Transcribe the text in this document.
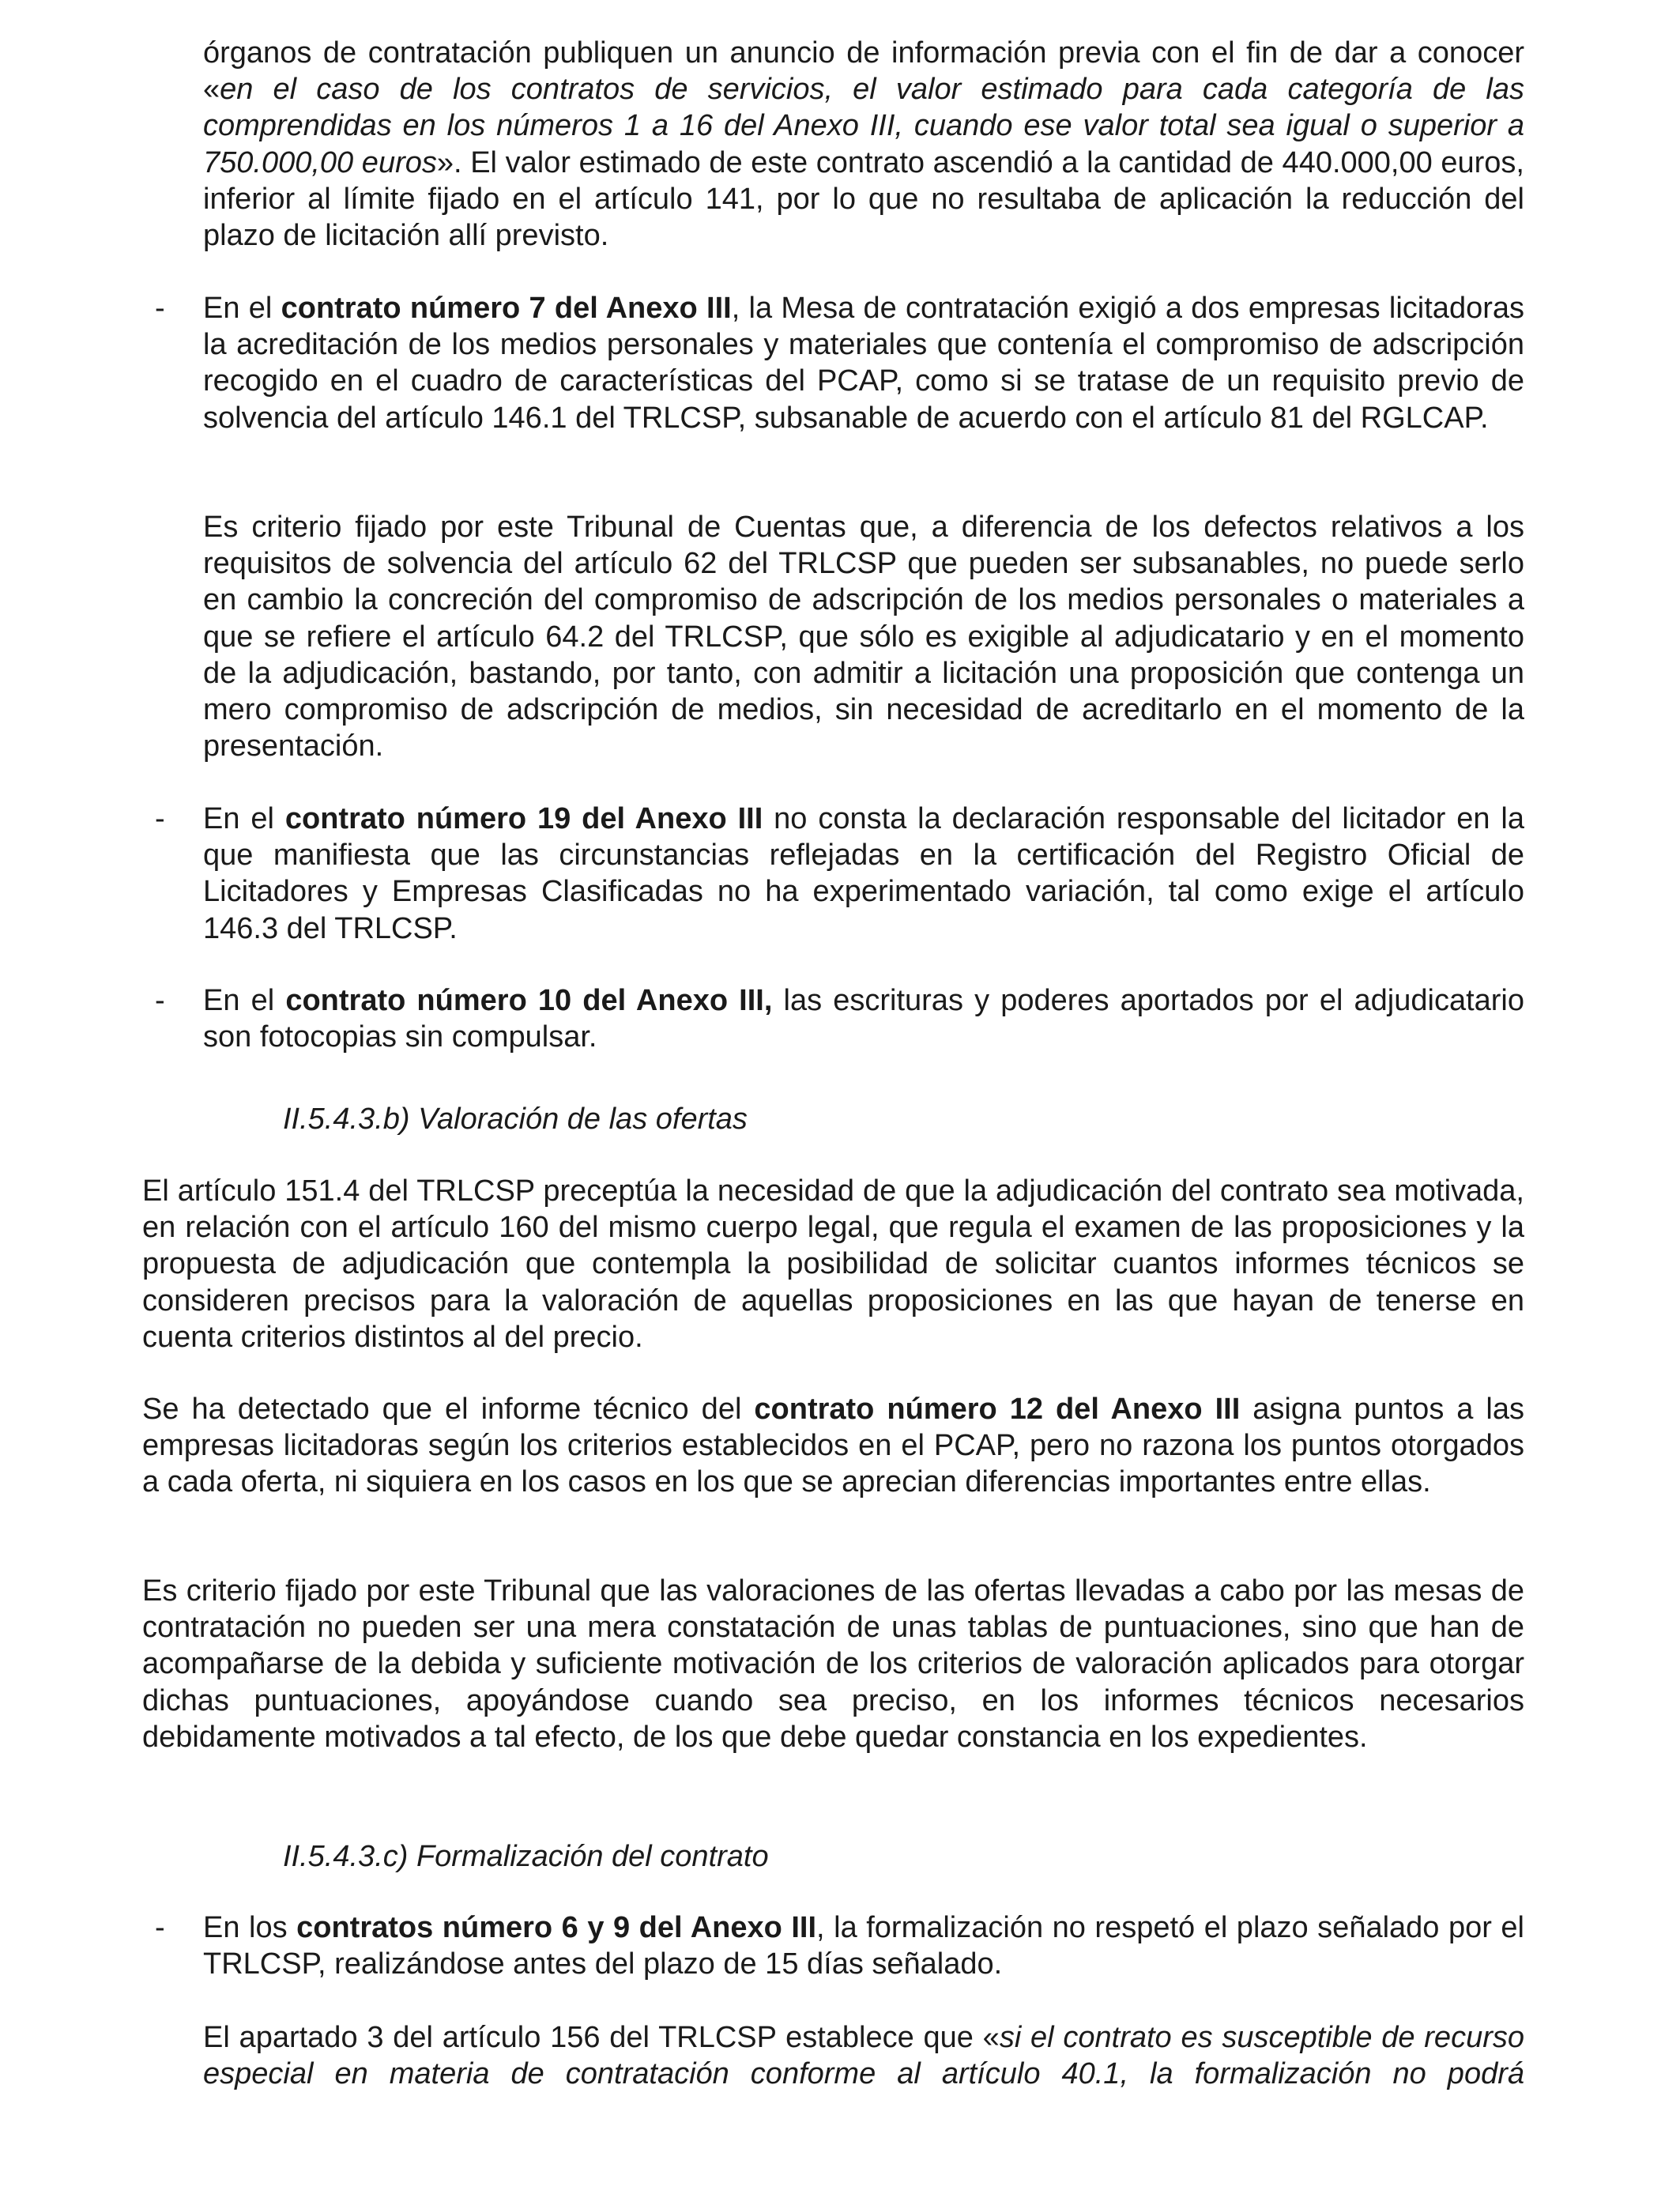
órganos de contratación publiquen un anuncio de información previa con el fin de dar a conocer «en el caso de los contratos de servicios, el valor estimado para cada categoría de las comprendidas en los números 1 a 16 del Anexo III, cuando ese valor total sea igual o superior a 750.000,00 euros». El valor estimado de este contrato ascendió a la cantidad de 440.000,00 euros, inferior al límite fijado en el artículo 141, por lo que no resultaba de aplicación la reducción del plazo de licitación allí previsto.

-	En el contrato número 7 del Anexo III, la Mesa de contratación exigió a dos empresas licitadoras la acreditación de los medios personales y materiales que contenía el compromiso de adscripción recogido en el cuadro de características del PCAP, como si se tratase de un requisito previo de solvencia del artículo 146.1 del TRLCSP, subsanable de acuerdo con el artículo 81 del RGLCAP.

Es criterio fijado por este Tribunal de Cuentas que, a diferencia de los defectos relativos a los requisitos de solvencia del artículo 62 del TRLCSP que pueden ser subsanables, no puede serlo en cambio la concreción del compromiso de adscripción de los medios personales o materiales a que se refiere el artículo 64.2 del TRLCSP, que sólo es exigible al adjudicatario y en el momento de la adjudicación, bastando, por tanto, con admitir a licitación una proposición que contenga un mero compromiso de adscripción de medios, sin necesidad de acreditarlo en el momento de la presentación.

-	En el contrato número 19 del Anexo III no consta la declaración responsable del licitador en la que manifiesta que las circunstancias reflejadas en la certificación del Registro Oficial de Licitadores y Empresas Clasificadas no ha experimentado variación, tal como exige el artículo 146.3 del TRLCSP.

-	En el contrato número 10 del Anexo III, las escrituras y poderes aportados por el adjudicatario son fotocopias sin compulsar.

II.5.4.3.b) Valoración de las ofertas

El artículo 151.4 del TRLCSP preceptúa la necesidad de que la adjudicación del contrato sea motivada, en relación con el artículo 160 del mismo cuerpo legal, que regula el examen de las proposiciones y la propuesta de adjudicación que contempla la posibilidad de solicitar cuantos informes técnicos se consideren precisos para la valoración de aquellas proposiciones en las que hayan de tenerse en cuenta criterios distintos al del precio.

Se ha detectado que el informe técnico del contrato número 12 del Anexo III asigna puntos a las empresas licitadoras según los criterios establecidos en el PCAP, pero no razona los puntos otorgados a cada oferta, ni siquiera en los casos en los que se aprecian diferencias importantes entre ellas.

Es criterio fijado por este Tribunal que las valoraciones de las ofertas llevadas a cabo por las mesas de contratación no pueden ser una mera constatación de unas tablas de puntuaciones, sino que han de acompañarse de la debida y suficiente motivación de los criterios de valoración aplicados para otorgar dichas puntuaciones, apoyándose cuando sea preciso, en los informes técnicos necesarios debidamente motivados a tal efecto, de los que debe quedar constancia en los expedientes.

II.5.4.3.c) Formalización del contrato
-	En los contratos número 6 y 9 del Anexo III, la formalización no respetó el plazo señalado por el TRLCSP, realizándose antes del plazo de 15 días señalado.

El apartado 3 del artículo 156 del TRLCSP establece que «si el contrato es susceptible de recurso especial en materia de contratación conforme al artículo 40.1, la formalización no podrá
